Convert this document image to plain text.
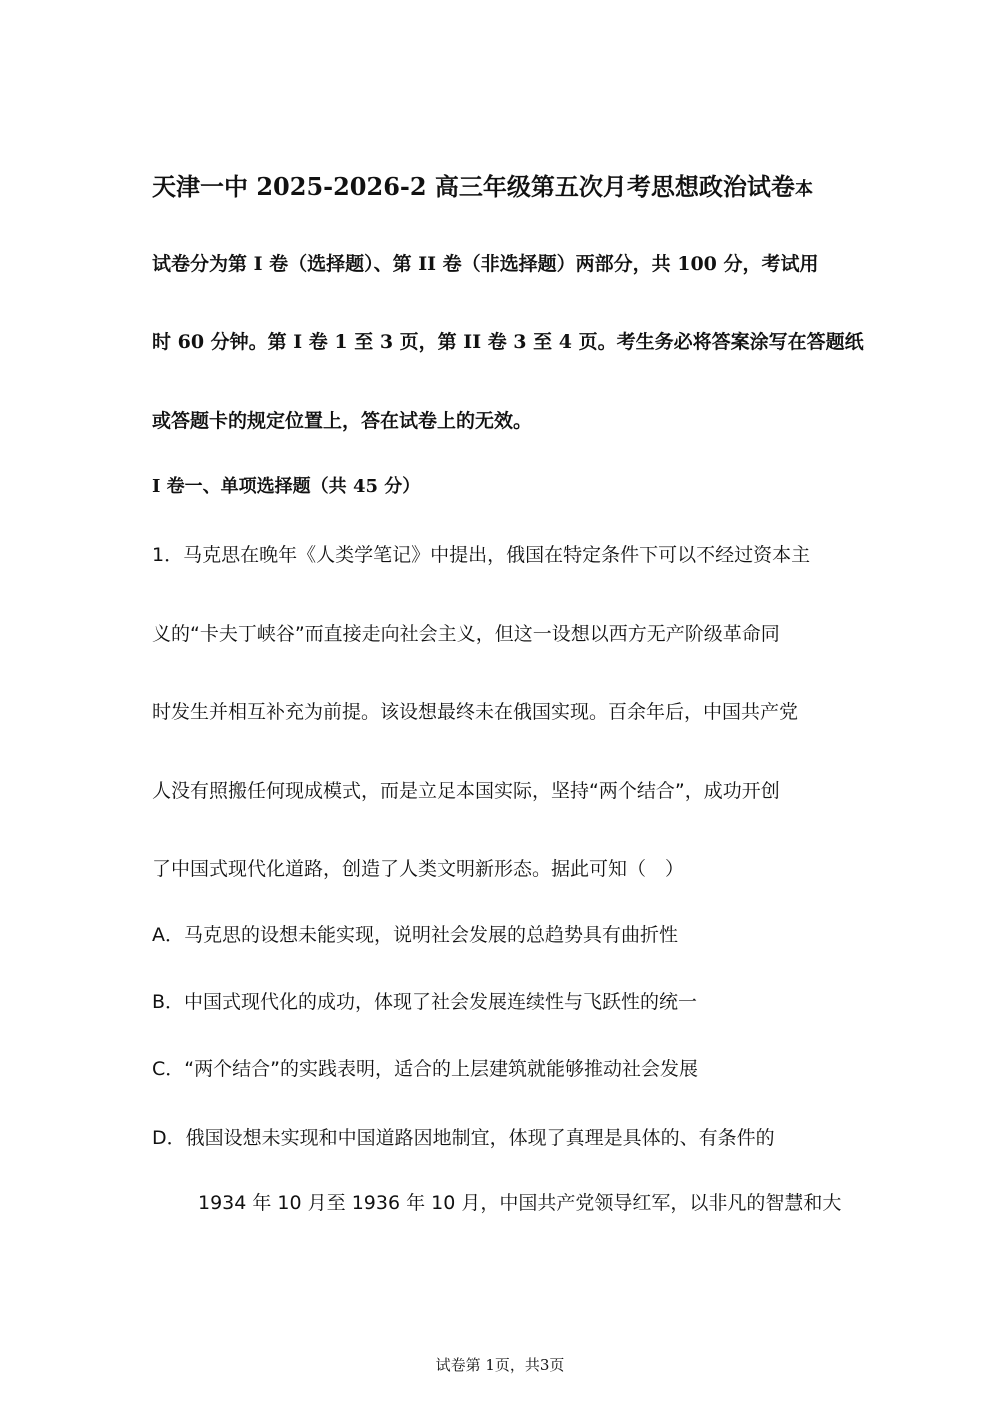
天津一中 2025-2026-2 高三年级第五次月考思想政治试卷本
试卷分为第 I 卷（选择题）、第 II 卷（非选择题）两部分，共 100 分，考试用
时 60 分钟。第 I 卷 1 至 3 页，第 II 卷 3 至 4 页。考生务必将答案涂写在答题纸
或答题卡的规定位置上，答在试卷上的无效。
I 卷一、单项选择题（共 45 分）
1．马克思在晚年《人类学笔记》中提出，俄国在特定条件下可以不经过资本主
义的“卡夫丁峡谷”而直接走向社会主义，但这一设想以西方无产阶级革命同
时发生并相互补充为前提。该设想最终未在俄国实现。百余年后，中国共产党
人没有照搬任何现成模式，而是立足本国实际，坚持“两个结合”，成功开创
了中国式现代化道路，创造了人类文明新形态。据此可知（　）
A．马克思的设想未能实现，说明社会发展的总趋势具有曲折性
B．中国式现代化的成功，体现了社会发展连续性与飞跃性的统一
C．“两个结合”的实践表明，适合的上层建筑就能够推动社会发展
D．俄国设想未实现和中国道路因地制宜，体现了真理是具体的、有条件的
1934 年 10 月至 1936 年 10 月，中国共产党领导红军，以非凡的智慧和大
试卷第 1页，共3页
